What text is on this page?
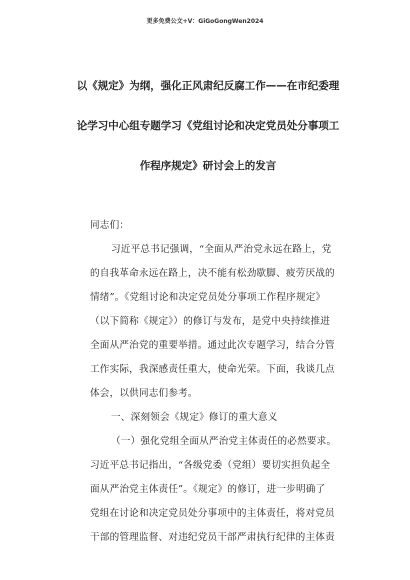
更多免费公文+V：GiGoGongWen2024
以《规定》为纲，强化正风肃纪反腐工作——在市纪委理
论学习中心组专题学习《党组讨论和决定党员处分事项工
作程序规定》研讨会上的发言
同志们：
习近平总书记强调，“全面从严治党永远在路上，党
的自我革命永远在路上，决不能有松劲歇脚、疲劳厌战的
情绪”。《党组讨论和决定党员处分事项工作程序规定》
（以下简称《规定》）的修订与发布，是党中央持续推进
全面从严治党的重要举措。通过此次专题学习，结合分管
工作实际，我深感责任重大，使命光荣。下面，我谈几点
体会，以供同志们参考。
一、深刻领会《规定》修订的重大意义
（一）强化党组全面从严治党主体责任的必然要求。
习近平总书记指出，“各级党委（党组）要切实担负起全
面从严治党主体责任”。《规定》的修订，进一步明确了
党组在讨论和决定党员处分事项中的主体责任，将对党员
干部的管理监督、对违纪党员干部严肃执行纪律的主体责
